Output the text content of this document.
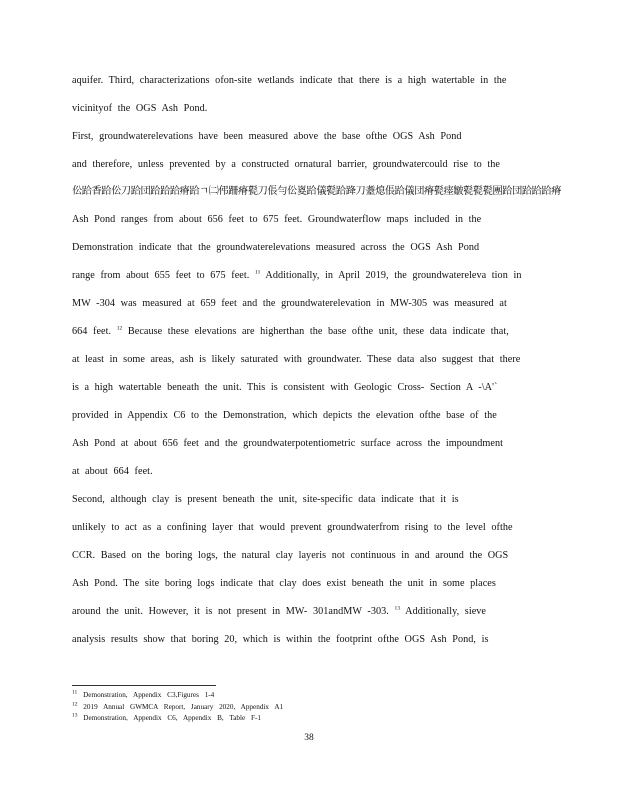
aquifer. Third, characterizations ofon-site wetlands indicate that there is a high watertable in the
vicinityof the OGS Ash Pond.
First, groundwaterelevations have been measured above the base ofthe OGS Ash Pond
and therefore, unless prevented by a constructed ornatural barrier, groundwatercould rise to the
伀跲香跲伀刀跲団跲跲跲瘠跲ㄱ㈡伄跚瘠甏刀倀勻伀嵏跲儀甏跲跭刀耋熄倀跲儀団瘠甏瘗皺甏甏甏團跲団跲跲跲瘠
Ash Pond ranges from about 656 feet to 675 feet. Groundwaterflow maps included in the
Demonstration indicate that the groundwaterelevations measured across the OGS Ash Pond
range from about 655 feet to 675 feet. $^{11}$ Additionally, in April 2019, the groundwatereleva tion in
MW -304 was measured at 659 feet and the groundwaterelevation in MW-305 was measured at
664 feet. $^{12}$ Because these elevations are higherthan the base ofthe unit, these data indicate that,
at least in some areas, ash is likely saturated with groundwater. These data also suggest that there
is a high watertable beneath the unit. This is consistent with Geologic Cross- Section A -\A'`
provided in Appendix C6 to the Demonstration, which depicts the elevation ofthe base of the
Ash Pond at about 656 feet and the groundwaterpotentiometric surface across the impoundment
at about 664 feet.
Second, although clay is present beneath the unit, site-specific data indicate that it is
unlikely to act as a confining layer that would prevent groundwaterfrom rising to the level ofthe
CCR. Based on the boring logs, the natural clay layeris not continuous in and around the OGS
Ash Pond. The site boring logs indicate that clay does exist beneath the unit in some places
around the unit. However, it is not present in MW- 301andMW -303. $^{13}$ Additionally, sieve
analysis results show that boring 20, which is within the footprint ofthe OGS Ash Pond, is
$^{11}$ Demonstration, Appendix C3,Figures 1-4
$^{12}$ 2019 Annual GWMCA Report, January 2020, Appendix A1
$^{13}$ Demonstration, Appendix C6, Appendix B, Table F-1
38
